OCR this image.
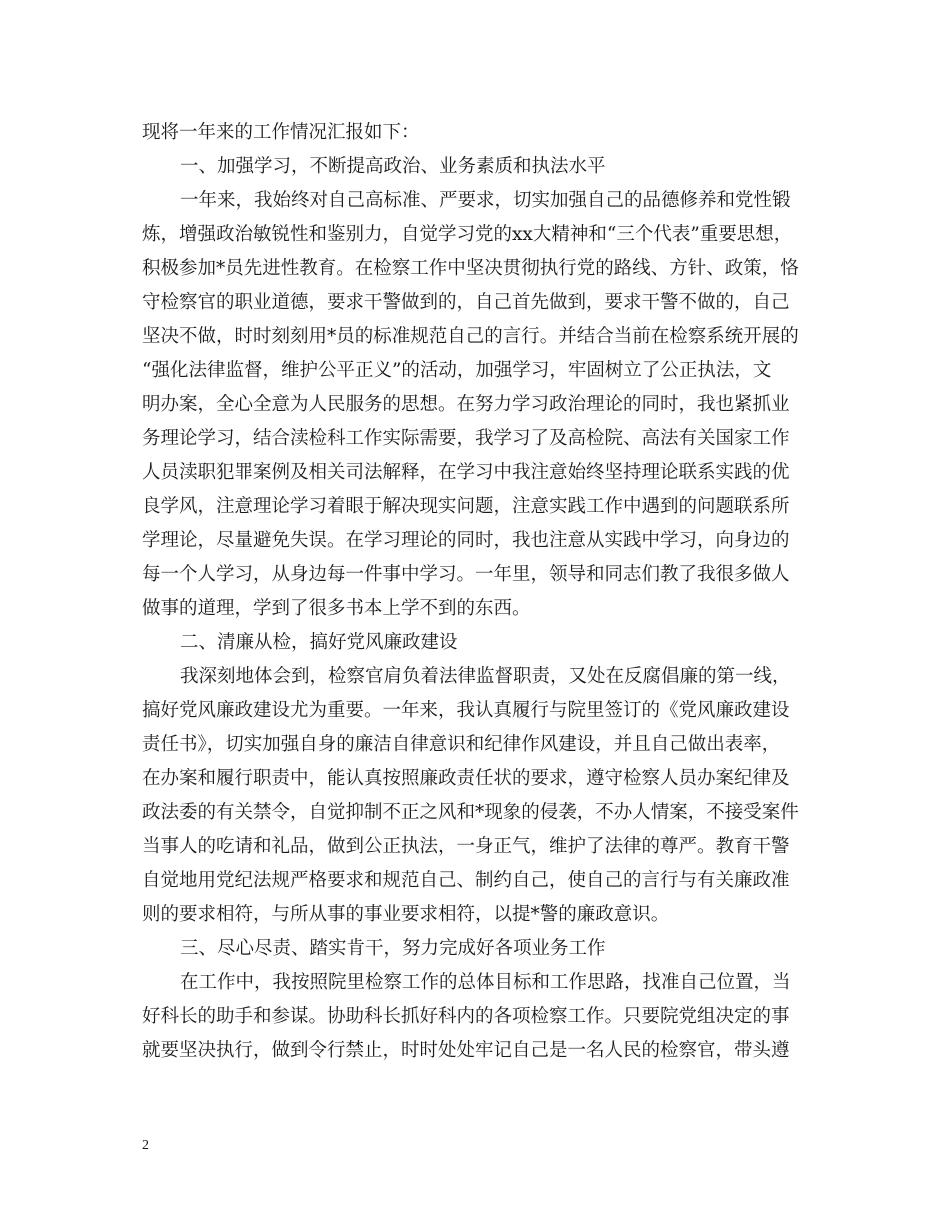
现将一年来的工作情况汇报如下：
一、加强学习，不断提高政治、业务素质和执法水平
一年来，我始终对自己高标准、严要求，切实加强自己的品德修养和党性锻
炼，增强政治敏锐性和鉴别力，自觉学习党的xx大精神和“三个代表”重要思想，
积极参加*员先进性教育。在检察工作中坚决贯彻执行党的路线、方针、政策，恪
守检察官的职业道德，要求干警做到的，自己首先做到，要求干警不做的，自己
坚决不做，时时刻刻用*员的标准规范自己的言行。并结合当前在检察系统开展的
“强化法律监督，维护公平正义”的活动，加强学习，牢固树立了公正执法，文
明办案，全心全意为人民服务的思想。在努力学习政治理论的同时，我也紧抓业
务理论学习，结合渎检科工作实际需要，我学习了及高检院、高法有关国家工作
人员渎职犯罪案例及相关司法解释，在学习中我注意始终坚持理论联系实践的优
良学风，注意理论学习着眼于解决现实问题，注意实践工作中遇到的问题联系所
学理论，尽量避免失误。在学习理论的同时，我也注意从实践中学习，向身边的
每一个人学习，从身边每一件事中学习。一年里，领导和同志们教了我很多做人
做事的道理，学到了很多书本上学不到的东西。
二、清廉从检，搞好党风廉政建设
我深刻地体会到，检察官肩负着法律监督职责，又处在反腐倡廉的第一线，
搞好党风廉政建设尤为重要。一年来，我认真履行与院里签订的《党风廉政建设
责任书》，切实加强自身的廉洁自律意识和纪律作风建设，并且自己做出表率，
在办案和履行职责中，能认真按照廉政责任状的要求，遵守检察人员办案纪律及
政法委的有关禁令，自觉抑制不正之风和*现象的侵袭，不办人情案，不接受案件
当事人的吃请和礼品，做到公正执法，一身正气，维护了法律的尊严。教育干警
自觉地用党纪法规严格要求和规范自己、制约自己，使自己的言行与有关廉政准
则的要求相符，与所从事的事业要求相符，以提*警的廉政意识。
三、尽心尽责、踏实肯干，努力完成好各项业务工作
在工作中，我按照院里检察工作的总体目标和工作思路，找准自己位置，当
好科长的助手和参谋。协助科长抓好科内的各项检察工作。只要院党组决定的事
就要坚决执行，做到令行禁止，时时处处牢记自己是一名人民的检察官，带头遵
2
